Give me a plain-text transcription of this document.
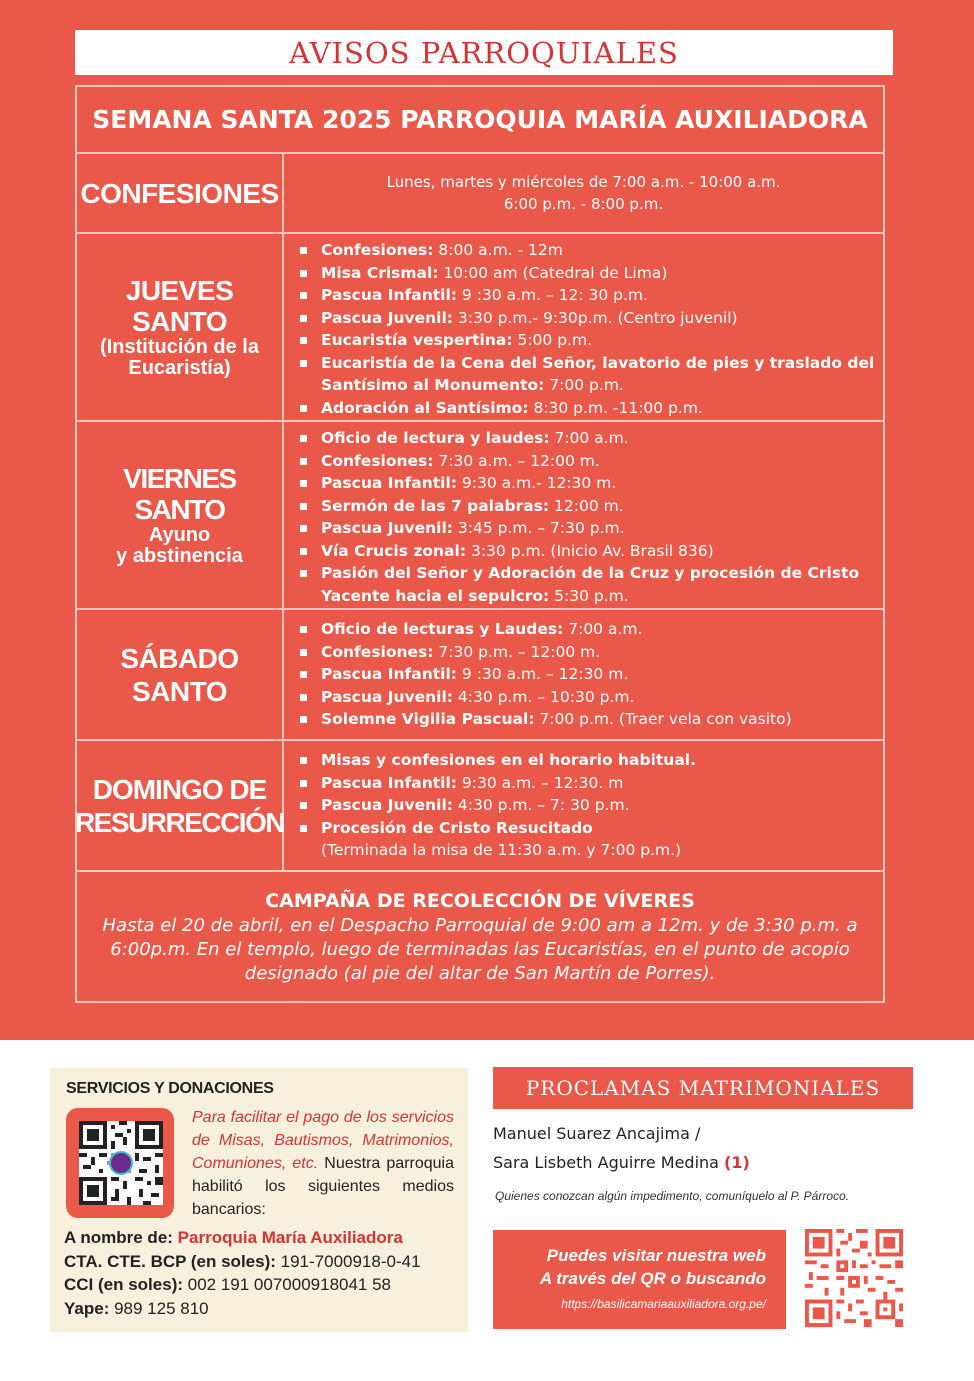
AVISOS PARROQUIALES
SEMANA SANTA 2025 PARROQUIA MARÍA AUXILIADORA
CONFESIONES	Lunes, martes y miércoles de 7:00 a.m. - 10:00 a.m.
6:00 p.m. - 8:00 p.m.
JUEVES SANTO
(Institución de la
Eucaristía)
Confesiones: 8:00 a.m. - 12m
Misa Crismal: 10:00 am (Catedral de Lima)
Pascua Infantil: 9 :30 a.m. – 12: 30 p.m.
Pascua Juvenil: 3:30 p.m.- 9:30p.m. (Centro juvenil)
Eucaristía vespertina: 5:00 p.m.
Eucaristía de la Cena del Señor, lavatorio de pies y traslado del Santísimo al Monumento: 7:00 p.m.
Adoración al Santísimo: 8:30 p.m. -11:00 p.m.
VIERNES SANTO
Ayuno
y abstinencia
Oficio de lectura y laudes: 7:00 a.m.
Confesiones: 7:30 a.m. – 12:00 m.
Pascua Infantil: 9:30 a.m.- 12:30 m.
Sermón de las 7 palabras: 12:00 m.
Pascua Juvenil: 3:45 p.m. – 7:30 p.m.
Vía Crucis zonal: 3:30 p.m. (Inicio Av. Brasil 836)
Pasión del Señor y Adoración de la Cruz y procesión de Cristo Yacente hacia el sepulcro: 5:30 p.m.
SÁBADO
SANTO
Oficio de lecturas y Laudes: 7:00 a.m.
Confesiones: 7:30 p.m. – 12:00 m.
Pascua Infantil: 9 :30 a.m. – 12:30 m.
Pascua Juvenil: 4:30 p.m. – 10:30 p.m.
Solemne Vigilia Pascual: 7:00 p.m. (Traer vela con vasito)
DOMINGO DE
RESURRECCIÓN
Misas y confesiones en el horario habitual.
Pascua Infantil: 9:30 a.m. – 12:30. m
Pascua Juvenil: 4:30 p.m. – 7: 30 p.m.
Procesión de Cristo Resucitado
(Terminada la misa de 11:30 a.m. y 7:00 p.m.)
CAMPAÑA DE RECOLECCIÓN DE VÍVERES
Hasta el 20 de abril, en el Despacho Parroquial de 9:00 am a 12m. y de 3:30 p.m. a 6:00p.m. En el templo, luego de terminadas las Eucaristías, en el punto de acopio designado (al pie del altar de San Martín de Porres).
SERVICIOS Y DONACIONES
Para facilitar el pago de los servicios de Misas, Bautismos, Matrimonios, Comuniones, etc. Nuestra parroquia habilitó los siguientes medios bancarios:
A nombre de: Parroquia María Auxiliadora
CTA. CTE. BCP (en soles): 191-7000918-0-41
CCI (en soles): 002 191 007000918041 58
Yape: 989 125 810
PROCLAMAS MATRIMONIALES
Manuel Suarez Ancajima /
Sara Lisbeth Aguirre Medina (1)
Quienes conozcan algún impedimento, comuníquelo al P. Párroco.
Puedes visitar nuestra web
A través del QR o buscando
https://basilicamariaauxiliadora.org.pe/
